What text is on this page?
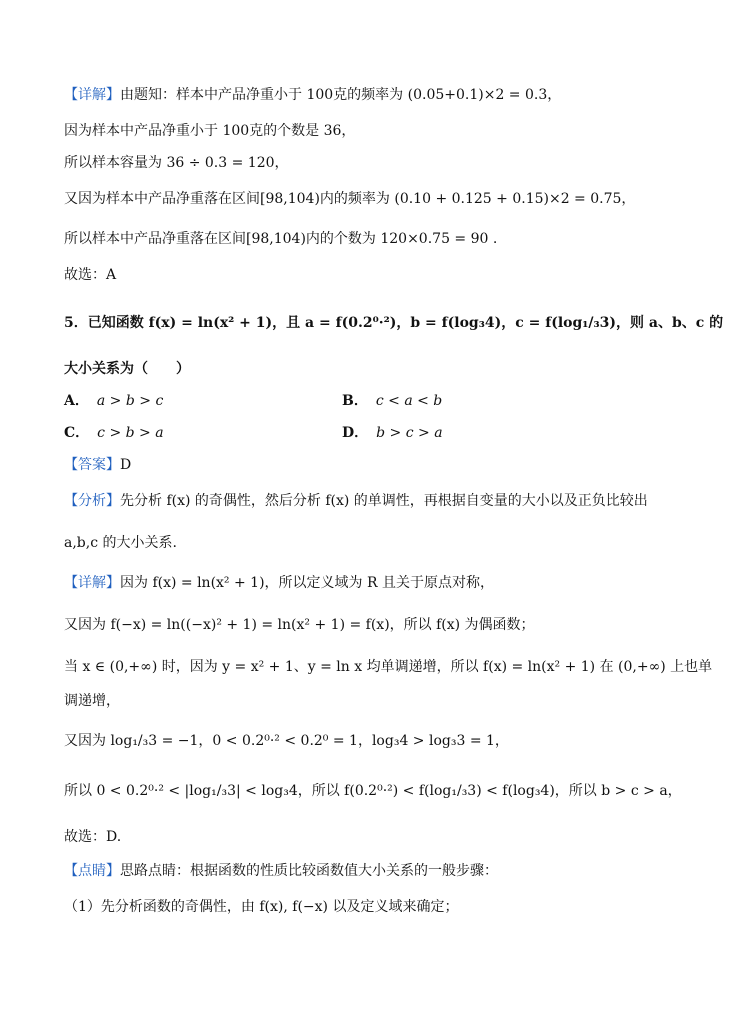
【详解】由题知：样本中产品净重小于 100克的频率为 (0.05+0.1)×2 = 0.3，
因为样本中产品净重小于 100克的个数是 36，
所以样本容量为 36 ÷ 0.3 = 120，
又因为样本中产品净重落在区间[98,104)内的频率为 (0.10 + 0.125 + 0.15)×2 = 0.75，
所以样本中产品净重落在区间[98,104)内的个数为 120×0.75 = 90 .
故选：A
5．已知函数 f(x) = ln(x² + 1)，且 a = f(0.2⁰·²)，b = f(log₃4)，c = f(log₁/₃3)，则 a、b、c 的
大小关系为（　　）
A． a > b > c	B． c < a < b
C． c > b > a	D． b > c > a
【答案】D
【分析】先分析 f(x) 的奇偶性，然后分析 f(x) 的单调性，再根据自变量的大小以及正负比较出
a,b,c 的大小关系.
【详解】因为 f(x) = ln(x² + 1)，所以定义域为 R 且关于原点对称，
又因为 f(−x) = ln((−x)² + 1) = ln(x² + 1) = f(x)，所以 f(x) 为偶函数；
当 x ∈ (0,+∞) 时，因为 y = x² + 1、y = ln x 均单调递增，所以 f(x) = ln(x² + 1) 在 (0,+∞) 上也单
调递增，
又因为 log₁/₃3 = −1，0 < 0.2⁰·² < 0.2⁰ = 1，log₃4 > log₃3 = 1，
所以 0 < 0.2⁰·² < |log₁/₃3| < log₃4，所以 f(0.2⁰·²) < f(log₁/₃3) < f(log₃4)，所以 b > c > a，
故选：D.
【点睛】思路点睛：根据函数的性质比较函数值大小关系的一般步骤：
（1）先分析函数的奇偶性，由 f(x), f(−x) 以及定义域来确定；
